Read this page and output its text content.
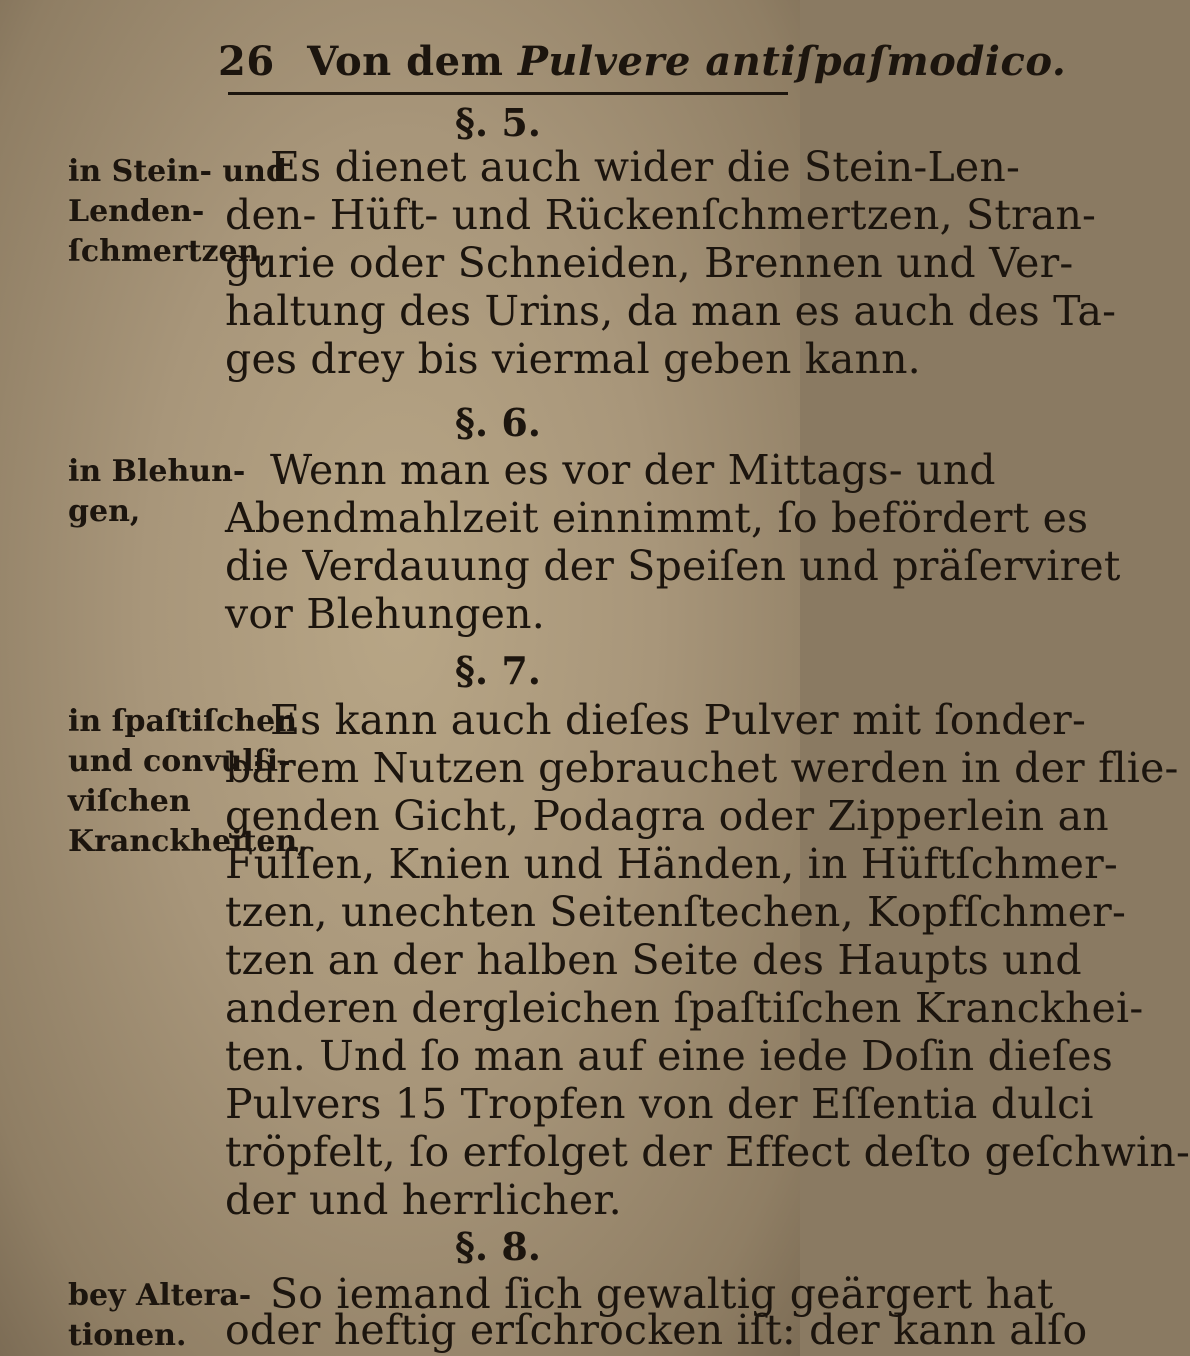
26 Von dem Pulvere antiſpaſmodico.
§. 5.
in Stein- und
Lenden-
ſchmertzen,
Es dienet auch wider die Stein-Len-
den- Hüft- und Rückenſchmertzen, Stran-
gurie oder Schneiden, Brennen und Ver-
haltung des Urins, da man es auch des Ta-
ges drey bis viermal geben kann.
§. 6.
in Blehun-
gen,
Wenn man es vor der Mittags- und
Abendmahlzeit einnimmt, ſo befördert es
die Verdauung der Speiſen und präſerviret
vor Blehungen.
§. 7.
in ſpaſtiſchen
und convulſi-
viſchen
Kranckheiten,
Es kann auch dieſes Pulver mit ſonder-
barem Nutzen gebrauchet werden in der flie-
genden Gicht, Podagra oder Zipperlein an
Füſſen, Knien und Händen, in Hüftſchmer-
tzen, unechten Seitenſtechen, Kopfſchmer-
tzen an der halben Seite des Haupts und
anderen dergleichen ſpaſtiſchen Kranckhei-
ten. Und ſo man auf eine iede Doſin dieſes
Pulvers 15 Tropfen von der Eſſentia dulci
tröpfelt, ſo erfolget der Effect deſto geſchwin-
der und herrlicher.
§. 8.
bey Altera-
tionen.
So iemand ſich gewaltig geärgert hat
oder heftig erſchrocken iſt: der kann alſo
